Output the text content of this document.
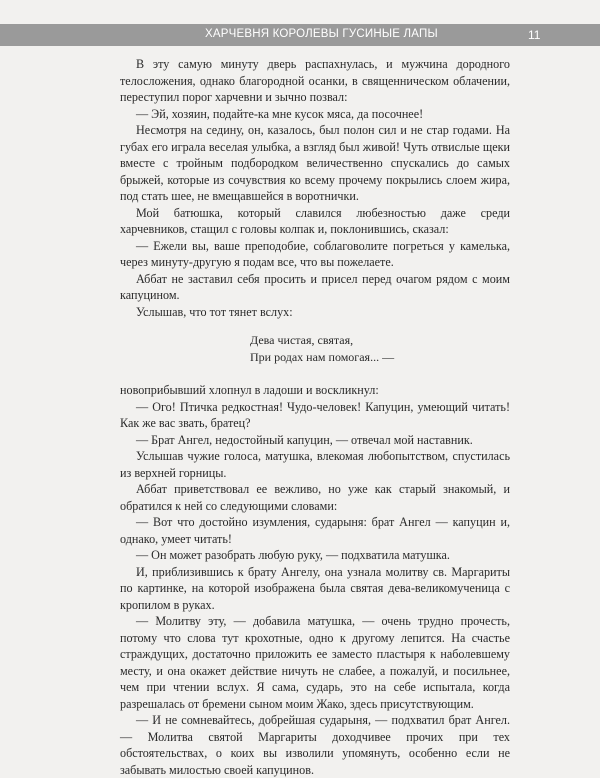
ХАРЧЕВНЯ КОРОЛЕВЫ ГУСИНЫЕ ЛАПЫ	11

В эту самую минуту дверь распахнулась, и мужчина дородного телосложения, однако благородной осанки, в священническом облачении, переступил порог харчевни и зычно позвал:

— Эй, хозяин, подайте-ка мне кусок мяса, да посочнее!

Несмотря на седину, он, казалось, был полон сил и не стар годами. На губах его играла веселая улыбка, а взгляд был живой! Чуть отвислые щеки вместе с тройным подбородком величественно спускались до самых брыжей, которые из сочувствия ко всему прочему покрылись слоем жира, под стать шее, не вмещавшейся в воротнички.

Мой батюшка, который славился любезностью даже среди харчевников, стащил с головы колпак и, поклонившись, сказал:

— Ежели вы, ваше преподобие, соблаговолите погреться у камелька, через минуту-другую я подам все, что вы пожелаете.

Аббат не заставил себя просить и присел перед очагом рядом с моим капуцином.

Услышав, что тот тянет вслух:

Дева чистая, святая,
При родах нам помогая... —

новоприбывший хлопнул в ладоши и воскликнул:

— Ого! Птичка редкостная! Чудо-человек! Капуцин, умеющий читать! Как же вас звать, братец?

— Брат Ангел, недостойный капуцин, — отвечал мой наставник.

Услышав чужие голоса, матушка, влекомая любопытством, спустилась из верхней горницы.

Аббат приветствовал ее вежливо, но уже как старый знакомый, и обратился к ней со следующими словами:

— Вот что достойно изумления, сударыня: брат Ангел — капуцин и, однако, умеет читать!

— Он может разобрать любую руку, — подхватила матушка.

И, приблизившись к брату Ангелу, она узнала молитву св. Маргариты по картинке, на которой изображена была святая дева-великомученица с кропилом в руках.

— Молитву эту, — добавила матушка, — очень трудно прочесть, потому что слова тут крохотные, одно к другому лепится. На счастье страждущих, достаточно приложить ее заместо пластыря к наболевшему месту, и она окажет действие ничуть не слабее, а пожалуй, и посильнее, чем при чтении вслух. Я сама, сударь, это на себе испытала, когда разрешалась от бремени сыном моим Жако, здесь присутствующим.

— И не сомневайтесь, добрейшая сударыня, — подхватил брат Ангел. — Молитва святой Маргариты доходчивее прочих при тех обстоятельствах, о коих вы изволили упомянуть, особенно если не забывать милостью своей капуцинов.
